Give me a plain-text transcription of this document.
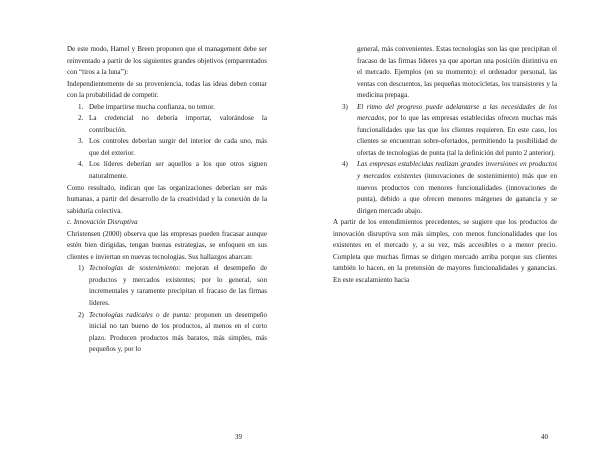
De este modo, Hamel y Breen proponen que el management debe ser reinventado a partir de los siguientes grandes objetivos (emparentados con “tiros a la luna”):

Independientemente de su proveniencia, todas las ideas deben contar con la probabilidad de competir.

1. Debe impartirse mucha confianza, no temor.
2. La credencial no debería importar, valorándose la contribución.
3. Los controles deberían surgir del interior de cada uno, más que del exterior.
4. Los líderes deberían ser aquellos a los que otros siguen naturalmente.

Como resultado, indican que las organizaciones deberían ser más humanas, a partir del desarrollo de la creatividad y la conexión de la sabiduría colectiva.

c. Innovación Disruptiva

Christensen (2000) observa que las empresas pueden fracasar aunque estén bien dirigidas, tengan buenas estrategias, se enfoquen en sus clientes e inviertan en nuevas tecnologías. Sus hallazgos abarcan:

1) Tecnologías de sostenimiento: mejoran el desempeño de productos y mercados existentes; por lo general, son incrementales y raramente precipitan el fracaso de las firmas líderes.
2) Tecnologías radicales o de punta: proponen un desempeño inicial no tan bueno de los productos, al menos en el corto plazo. Producen productos más baratos, más simples, más pequeños y, por lo
39

general, más convenientes. Estas tecnologías son las que precipitan el fracaso de las firmas líderes ya que aportan una posición distintiva en el mercado. Ejemplos (en su momento): el ordenador personal, las ventas con descuentos, las pequeñas motocicletas, los transistores y la medicina prepaga.

3) El ritmo del progreso puede adelantarse a las necesidades de los mercados, por lo que las empresas establecidas ofrecen muchas más funcionalidades que las que los clientes requieren. En este caso, los clientes se encuentran sobre-ofertados, permitiendo la posibilidad de ofertas de tecnologías de punta (tal la definición del punto 2 anterior).
4) Las empresas establecidas realizan grandes inversiones en productos y mercados existentes (innovaciones de sostenimiento) más que en nuevos productos con menores funcionalidades (innovaciones de punta), debido a que ofrecen menores márgenes de ganancia y se dirigen mercado abajo.

A partir de los entendimientos precedentes, se sugiere que los productos de innovación disruptiva son más simples, con menos funcionalidades que los existentes en el mercado y, a su vez, más accesibles o a menor precio. Completa que muchas firmas se dirigen mercado arriba porque sus clientes también lo hacen, en la pretensión de mayores funcionalidades y ganancias. En este escalamiento hacia

40
